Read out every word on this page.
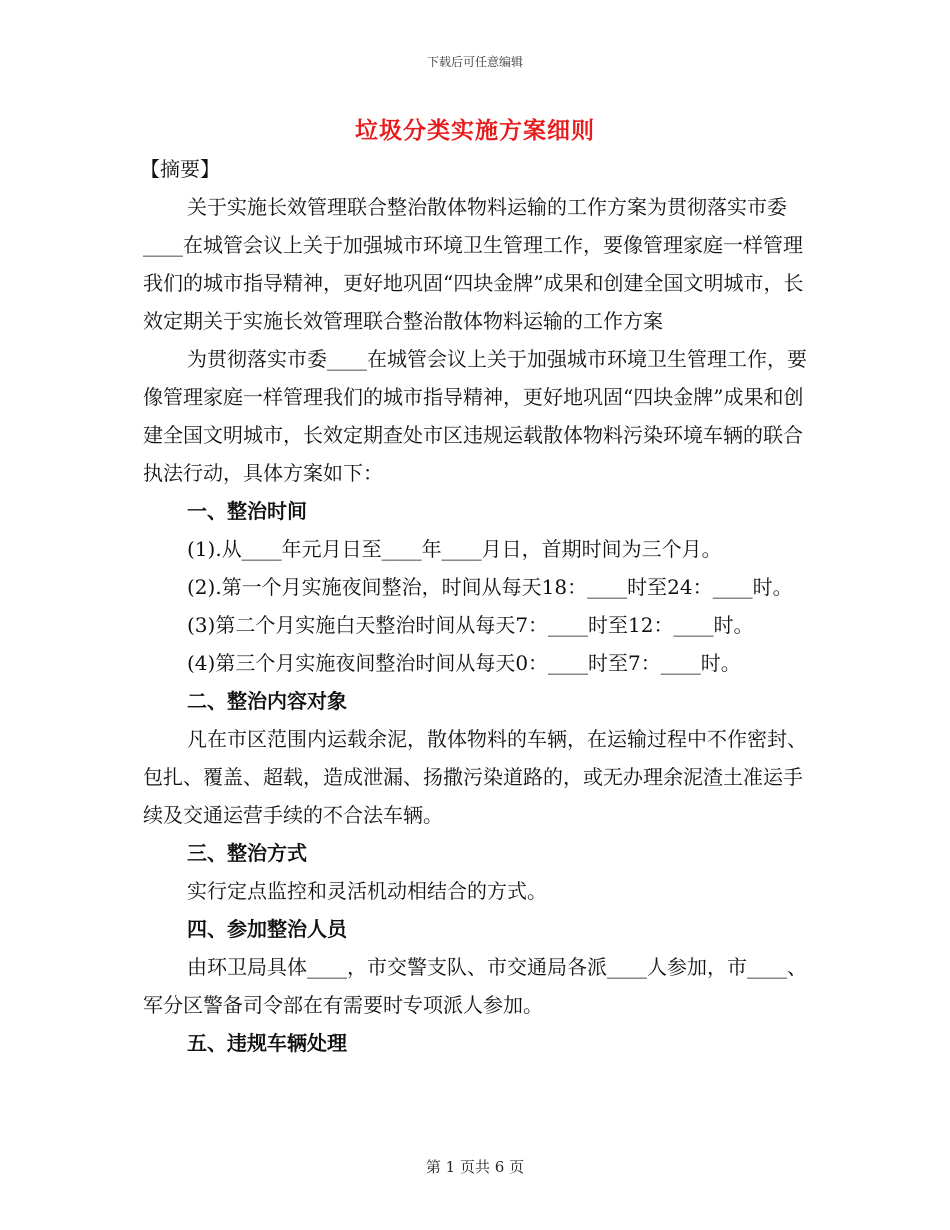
下载后可任意编辑
垃圾分类实施方案细则

【摘要】

关于实施长效管理联合整治散体物料运输的工作方案为贯彻落实市委____在城管会议上关于加强城市环境卫生管理工作，要像管理家庭一样管理我们的城市指导精神，更好地巩固“四块金牌”成果和创建全国文明城市，长效定期关于实施长效管理联合整治散体物料运输的工作方案

为贯彻落实市委____在城管会议上关于加强城市环境卫生管理工作，要像管理家庭一样管理我们的城市指导精神，更好地巩固“四块金牌”成果和创建全国文明城市，长效定期查处市区违规运载散体物料污染环境车辆的联合执法行动，具体方案如下：

一、整治时间

(1).从____年元月日至____年____月日，首期时间为三个月。

(2).第一个月实施夜间整治，时间从每天18：____时至24：____时。

(3)第二个月实施白天整治时间从每天7：____时至12：____时。

(4)第三个月实施夜间整治时间从每天0：____时至7：____时。

二、整治内容对象

凡在市区范围内运载余泥，散体物料的车辆，在运输过程中不作密封、包扎、覆盖、超载，造成泄漏、扬撒污染道路的，或无办理余泥渣土准运手续及交通运营手续的不合法车辆。

三、整治方式

实行定点监控和灵活机动相结合的方式。

四、参加整治人员

由环卫局具体____，市交警支队、市交通局各派____人参加，市____、军分区警备司令部在有需要时专项派人参加。

五、违规车辆处理

第 1 页共 6 页
